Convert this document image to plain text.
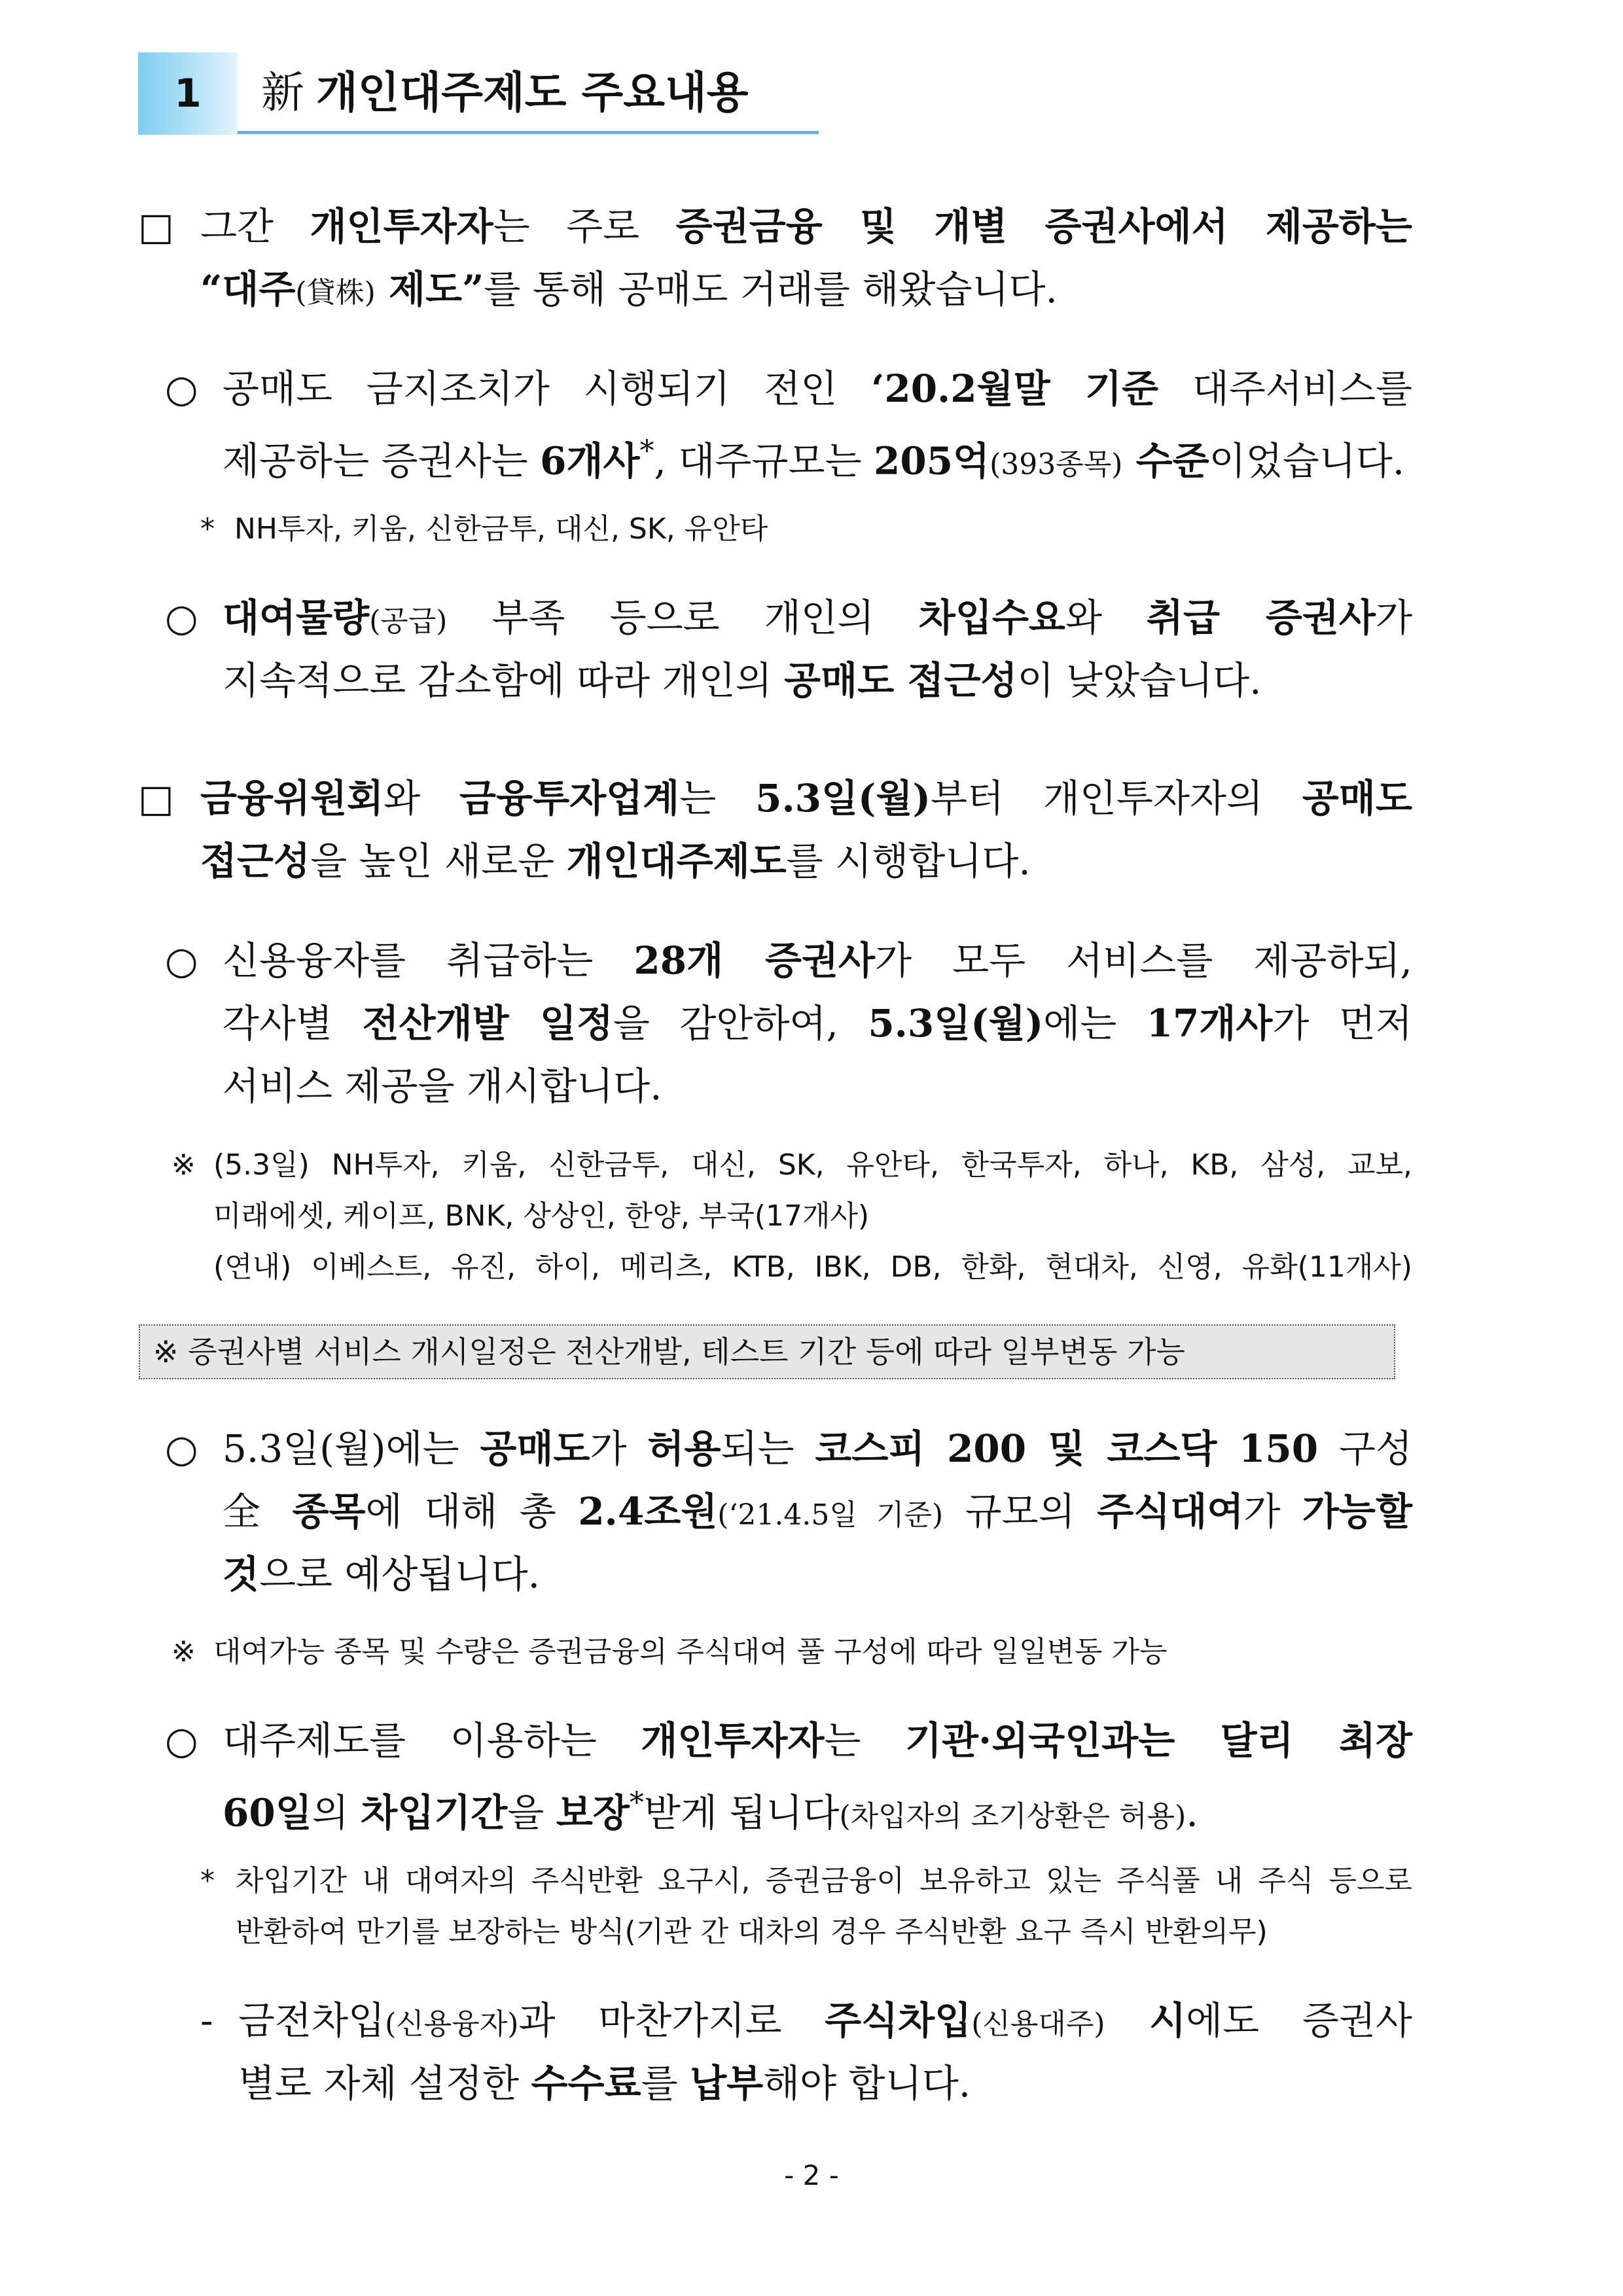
1	新 개인대주제도 주요내용
□ 그간 개인투자자는 주로 증권금융 및 개별 증권사에서 제공하는
“대주(貸株) 제도”를 통해 공매도 거래를 해왔습니다.
○ 공매도 금지조치가 시행되기 전인 ‘20.2월말 기준 대주서비스를
제공하는 증권사는 6개사*, 대주규모는 205억(393종목) 수준이었습니다.
* NH투자, 키움, 신한금투, 대신, SK, 유안타
○ 대여물량(공급) 부족 등으로 개인의 차입수요와 취급 증권사가
지속적으로 감소함에 따라 개인의 공매도 접근성이 낮았습니다.
□ 금융위원회와 금융투자업계는 5.3일(월)부터 개인투자자의 공매도
접근성을 높인 새로운 개인대주제도를 시행합니다.
○ 신용융자를 취급하는 28개 증권사가 모두 서비스를 제공하되,
각사별 전산개발 일정을 감안하여, 5.3일(월)에는 17개사가 먼저
서비스 제공을 개시합니다.
※ (5.3일) NH투자, 키움, 신한금투, 대신, SK, 유안타, 한국투자, 하나, KB, 삼성, 교보,
미래에셋, 케이프, BNK, 상상인, 한양, 부국(17개사)
(연내) 이베스트, 유진, 하이, 메리츠, KTB, IBK, DB, 한화, 현대차, 신영, 유화(11개사)
※ 증권사별 서비스 개시일정은 전산개발, 테스트 기간 등에 따라 일부변동 가능
○ 5.3일(월)에는 공매도가 허용되는 코스피 200 및 코스닥 150 구성
全 종목에 대해 총 2.4조원(‘21.4.5일 기준) 규모의 주식대여가 가능할
것으로 예상됩니다.
※ 대여가능 종목 및 수량은 증권금융의 주식대여 풀 구성에 따라 일일변동 가능
○ 대주제도를 이용하는 개인투자자는 기관·외국인과는 달리 최장
60일의 차입기간을 보장*받게 됩니다(차입자의 조기상환은 허용).
* 차입기간 내 대여자의 주식반환 요구시, 증권금융이 보유하고 있는 주식풀 내 주식 등으로
반환하여 만기를 보장하는 방식(기관 간 대차의 경우 주식반환 요구 즉시 반환의무)
- 금전차입(신용융자)과 마찬가지로 주식차입(신용대주) 시에도 증권사
별로 자체 설정한 수수료를 납부해야 합니다.
- 2 -
